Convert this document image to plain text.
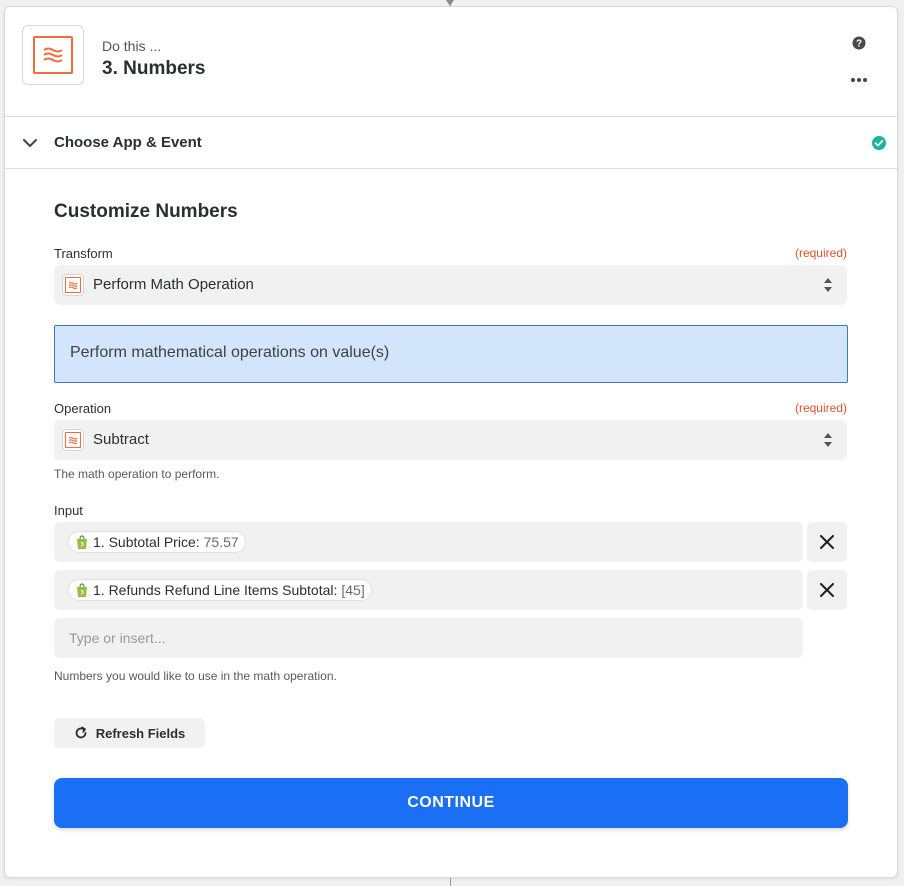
Do this ...
3. Numbers
?
Choose App & Event
Customize Numbers
Transform	(required)
Perform Math Operation
Perform mathematical operations on value(s)
Operation	(required)
Subtract
The math operation to perform.
Input
1. Subtotal Price: 75.57
1. Refunds Refund Line Items Subtotal: [45]
Type or insert...
Numbers you would like to use in the math operation.
Refresh Fields
CONTINUE
